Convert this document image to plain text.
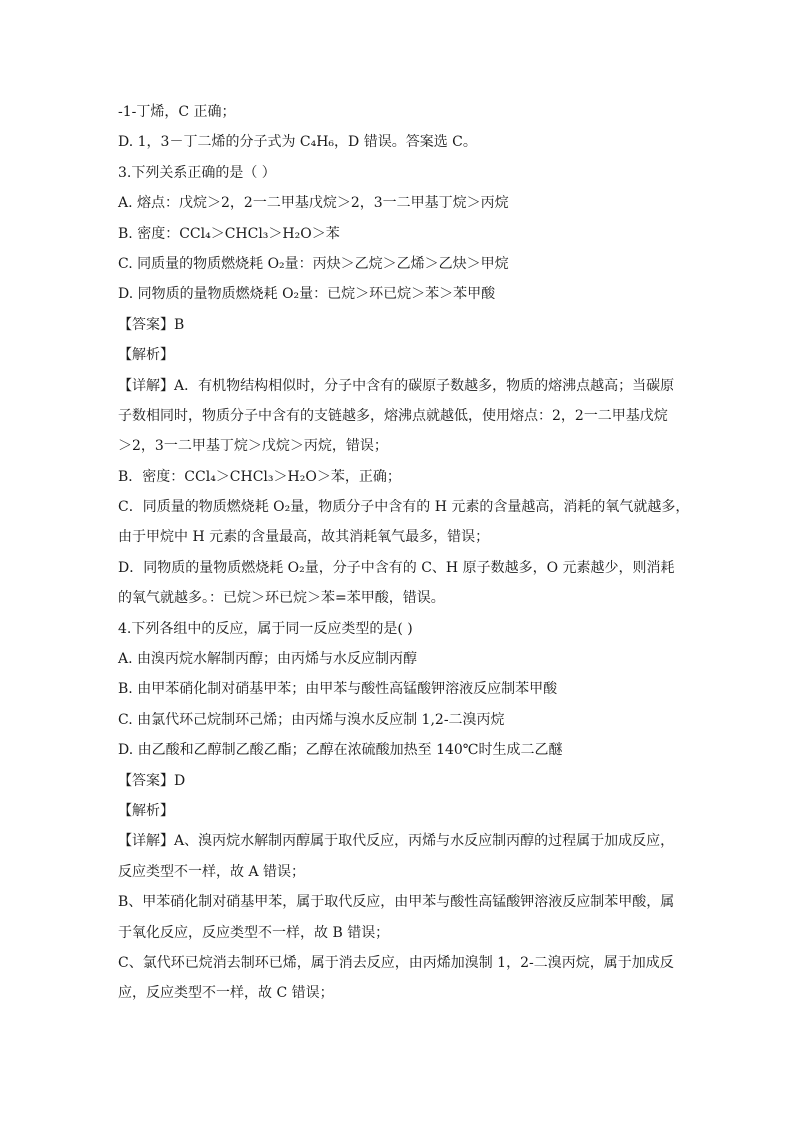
-1-丁烯，C 正确；
D. 1，3－丁二烯的分子式为 C₄H₆，D 错误。答案选 C。
3.下列关系正确的是（ ）
A. 熔点：戊烷＞2，2一二甲基戊烷＞2，3一二甲基丁烷＞丙烷
B. 密度：CCl₄＞CHCl₃＞H₂O＞苯
C. 同质量的物质燃烧耗 O₂量：丙炔＞乙烷＞乙烯＞乙炔＞甲烷
D. 同物质的量物质燃烧耗 O₂量：已烷＞环已烷＞苯＞苯甲酸
【答案】B
【解析】
【详解】A．有机物结构相似时，分子中含有的碳原子数越多，物质的熔沸点越高；当碳原
子数相同时，物质分子中含有的支链越多，熔沸点就越低，使用熔点：2，2一二甲基戊烷
＞2，3一二甲基丁烷＞戊烷＞丙烷，错误；
B．密度：CCl₄＞CHCl₃＞H₂O＞苯，正确；
C．同质量的物质燃烧耗 O₂量，物质分子中含有的 H 元素的含量越高，消耗的氧气就越多，
由于甲烷中 H 元素的含量最高，故其消耗氧气最多，错误；
D．同物质的量物质燃烧耗 O₂量，分子中含有的 C、H 原子数越多，O 元素越少，则消耗
的氧气就越多。：已烷＞环已烷＞苯=苯甲酸，错误。
4.下列各组中的反应，属于同一反应类型的是( )
A. 由溴丙烷水解制丙醇；由丙烯与水反应制丙醇
B. 由甲苯硝化制对硝基甲苯；由甲苯与酸性高锰酸钾溶液反应制苯甲酸
C. 由氯代环己烷制环己烯；由丙烯与溴水反应制 1,2-二溴丙烷
D. 由乙酸和乙醇制乙酸乙酯；乙醇在浓硫酸加热至 140℃时生成二乙醚
【答案】D
【解析】
【详解】A、溴丙烷水解制丙醇属于取代反应，丙烯与水反应制丙醇的过程属于加成反应，
反应类型不一样，故 A 错误；
B、甲苯硝化制对硝基甲苯，属于取代反应，由甲苯与酸性高锰酸钾溶液反应制苯甲酸，属
于氧化反应，反应类型不一样，故 B 错误；
C、氯代环已烷消去制环已烯，属于消去反应，由丙烯加溴制 1，2-二溴丙烷，属于加成反
应，反应类型不一样，故 C 错误；
